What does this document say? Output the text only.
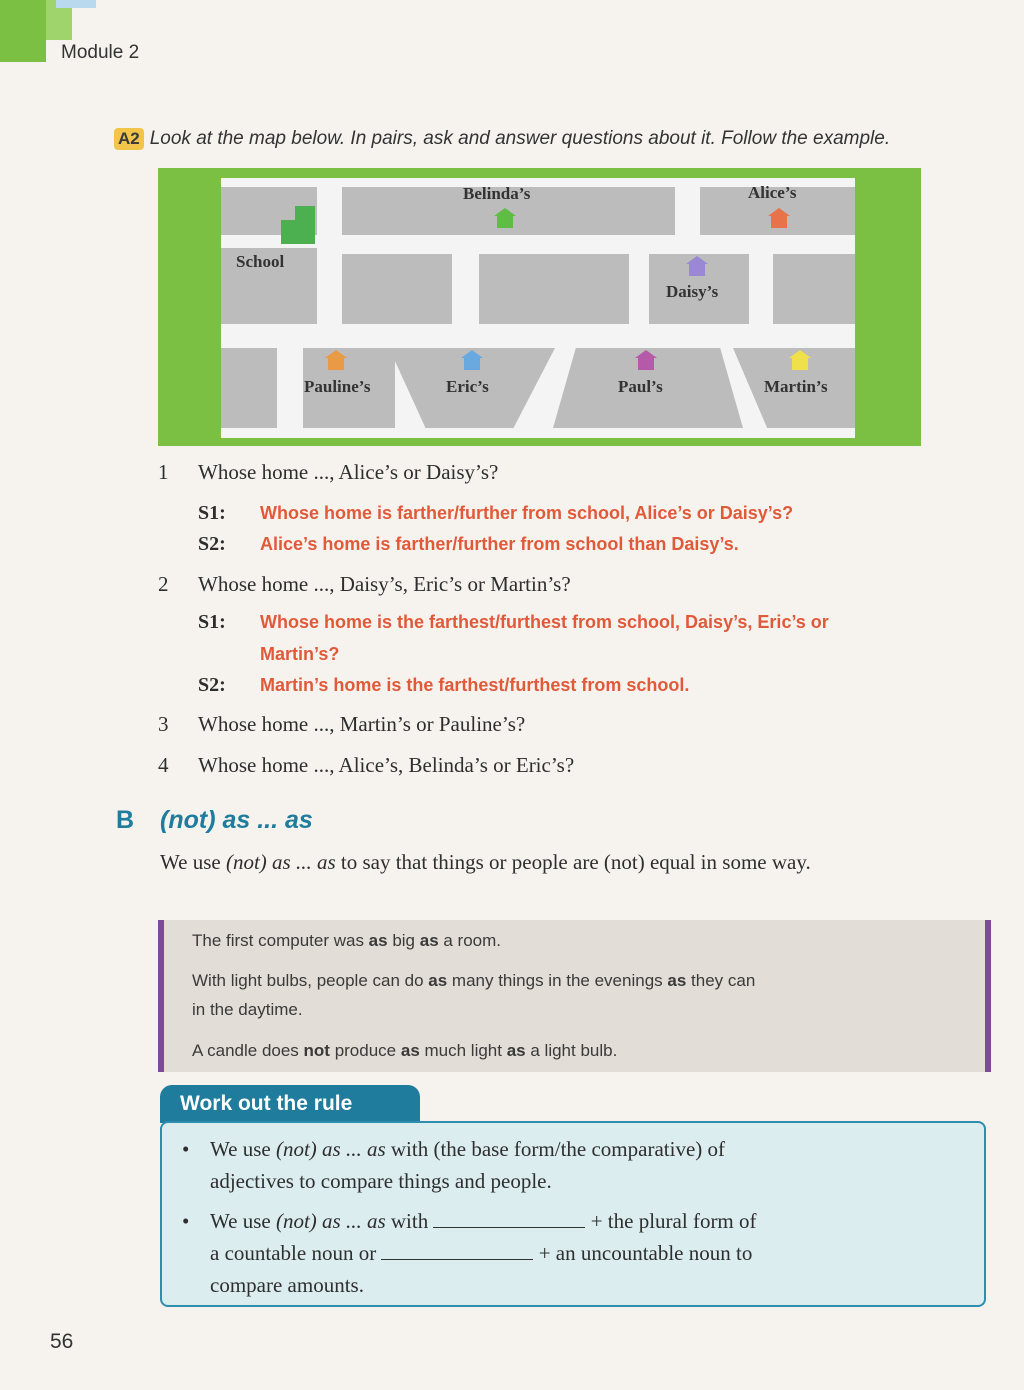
Module 2
A2 Look at the map below. In pairs, ask and answer questions about it. Follow the example.
Belinda’s	Alice’s
School
Daisy’s
Pauline’s	Eric’s	Paul’s	Martin’s
1 Whose home ..., Alice’s or Daisy’s?
S1: Whose home is farther/further from school, Alice’s or Daisy’s?
S2: Alice’s home is farther/further from school than Daisy’s.
2 Whose home ..., Daisy’s, Eric’s or Martin’s?
S1: Whose home is the farthest/furthest from school, Daisy’s, Eric’s or
Martin’s?
S2: Martin’s home is the farthest/furthest from school.
3 Whose home ..., Martin’s or Pauline’s?
4 Whose home ..., Alice’s, Belinda’s or Eric’s?
B (not) as ... as
We use (not) as ... as to say that things or people are (not) equal in some way.
The first computer was as big as a room.
With light bulbs, people can do as many things in the evenings as they can
in the daytime.
A candle does not produce as much light as a light bulb.
Work out the rule
• We use (not) as ... as with (the base form/the comparative) of
adjectives to compare things and people.
• We use (not) as ... as with	+ the plural form of
a countable noun or	+ an uncountable noun to
compare amounts.
56
